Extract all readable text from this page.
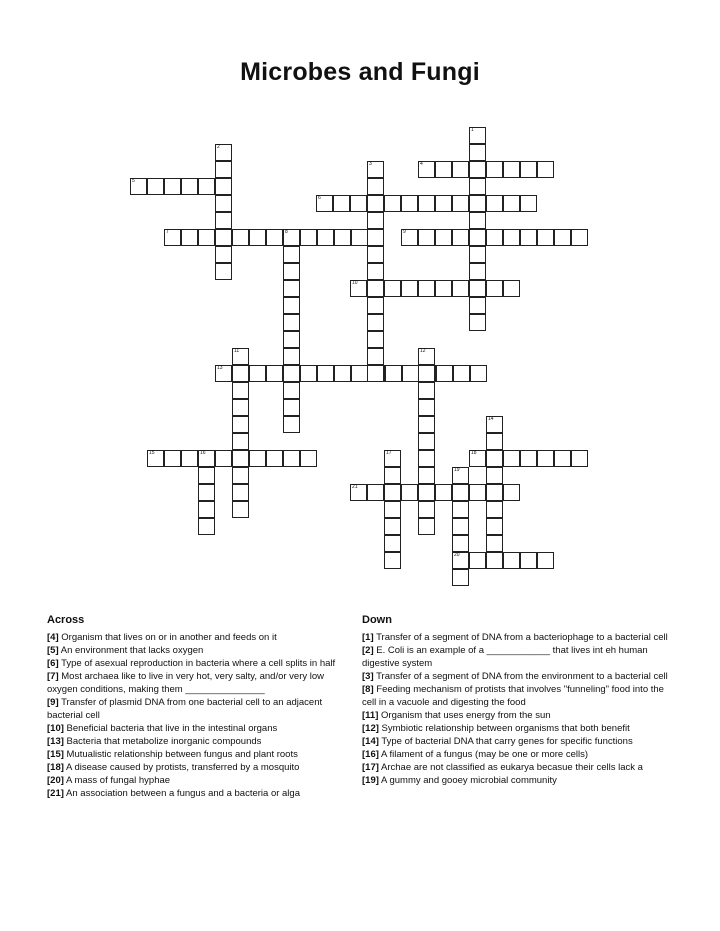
Microbes and Fungi
5
4
6
7	8	9
10
13
15	16	18
21
20
1
2
3
11	12
14
17
19
Across
[4] Organism that lives on or in another and feeds on it
[5] An environment that lacks oxygen
[6] Type of asexual reproduction in bacteria where a cell splits in half
[7] Most archaea like to live in very hot, very salty, and/or very low oxygen conditions, making them _______________
[9] Transfer of plasmid DNA from one bacterial cell to an adjacent bacterial cell
[10] Beneficial bacteria that live in the intestinal organs
[13] Bacteria that metabolize inorganic compounds
[15] Mutualistic relationship between fungus and plant roots
[18] A disease caused by protists, transferred by a mosquito
[20] A mass of fungal hyphae
[21] An association between a fungus and a bacteria or alga
Down
[1] Transfer of a segment of DNA from a bacteriophage to a bacterial cell
[2] E. Coli is an example of a ____________ that lives int eh human digestive system
[3] Transfer of a segment of DNA from the environment to a bacterial cell
[8] Feeding mechanism of protists that involves "funneling" food into the cell in a vacuole and digesting the food
[11] Organism that uses energy from the sun
[12] Symbiotic relationship between organisms that both benefit
[14] Type of bacterial DNA that carry genes for specific functions
[16] A filament of a fungus (may be one or more cells)
[17] Archae are not classified as eukarya becasue their cells lack a
[19] A gummy and gooey microbial community
